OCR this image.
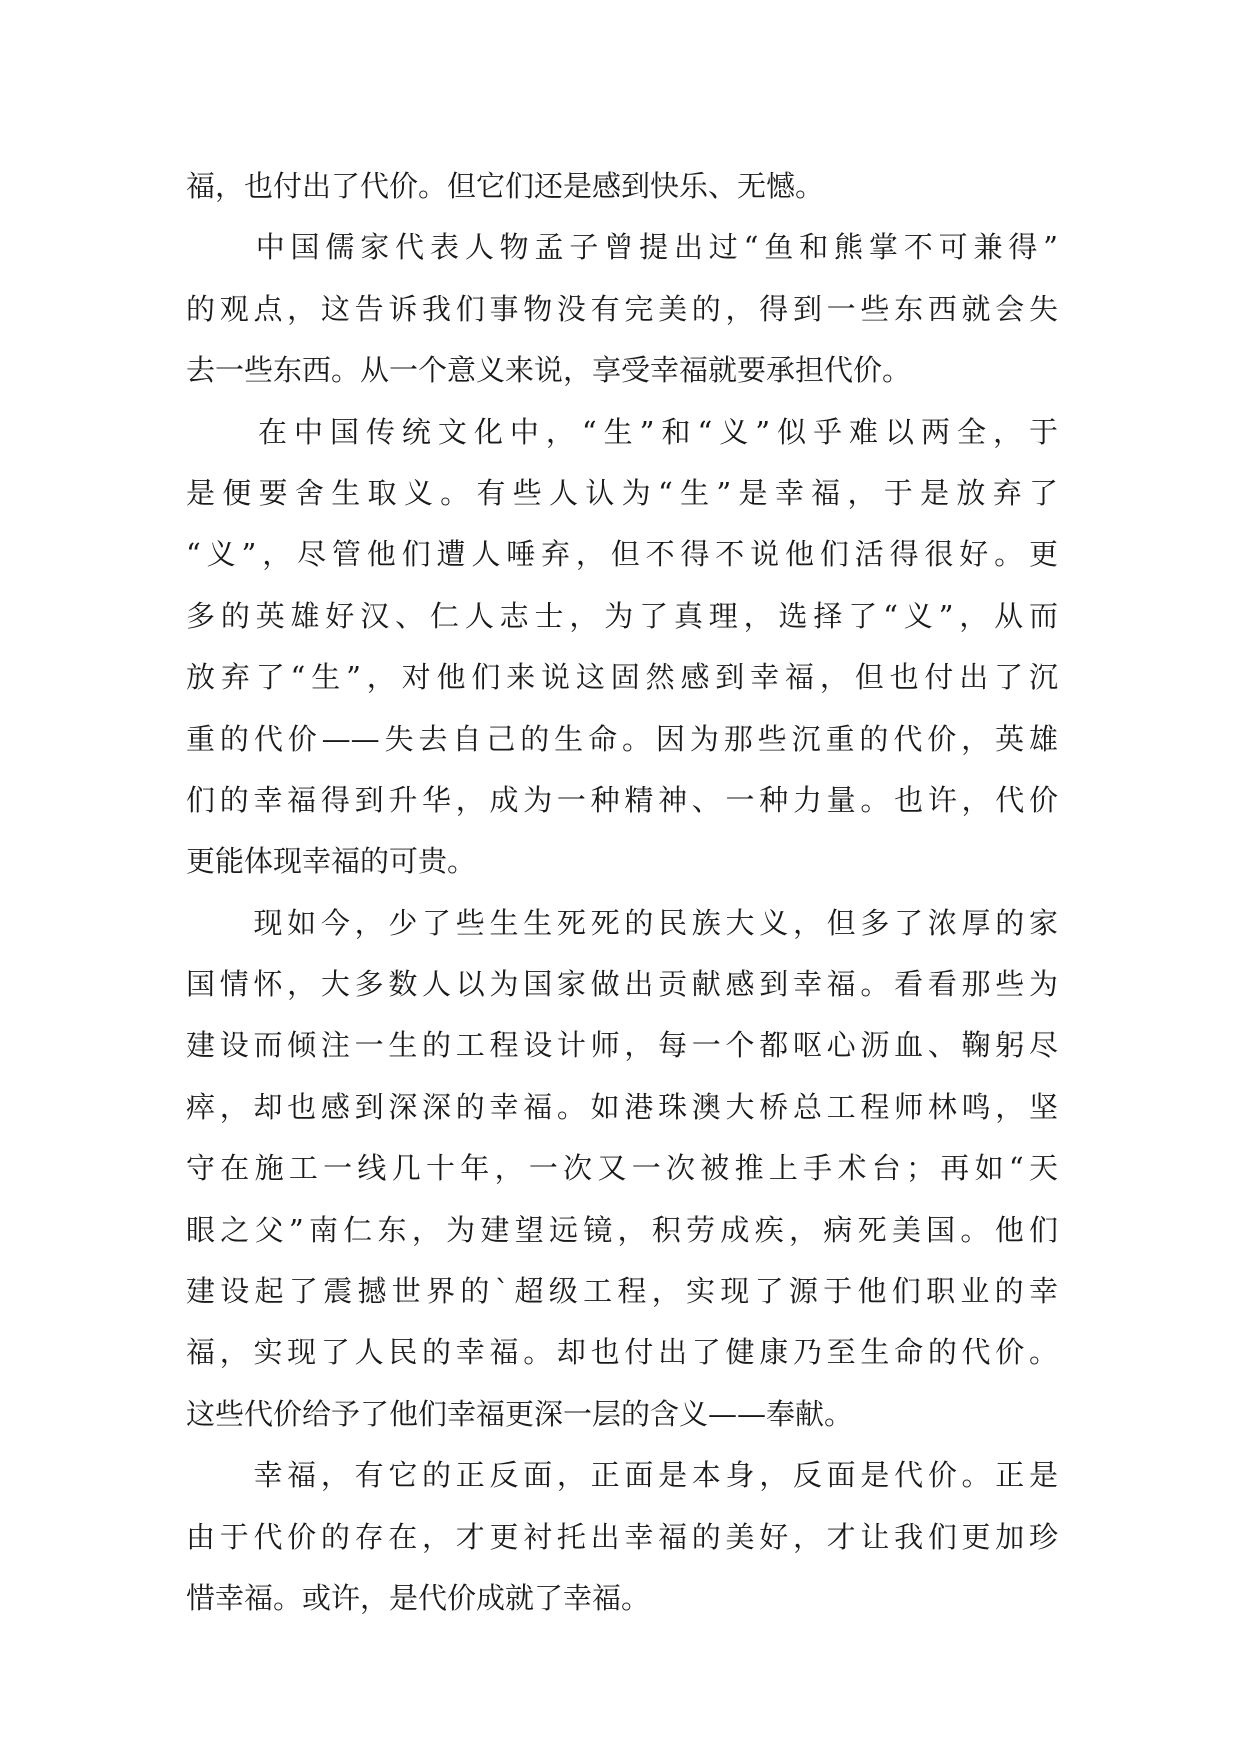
福，也付出了代价。但它们还是感到快乐、无憾。
　　中国儒家代表人物孟子曾提出过“鱼和熊掌不可兼得”
的观点，这告诉我们事物没有完美的，得到一些东西就会失
去一些东西。从一个意义来说，享受幸福就要承担代价。
　　在中国传统文化中，“生”和“义”似乎难以两全，于
是便要舍生取义。有些人认为“生”是幸福，于是放弃了
“义”，尽管他们遭人唾弃，但不得不说他们活得很好。更
多的英雄好汉、仁人志士，为了真理，选择了“义”，从而
放弃了“生”，对他们来说这固然感到幸福，但也付出了沉
重的代价——失去自己的生命。因为那些沉重的代价，英雄
们的幸福得到升华，成为一种精神、一种力量。也许，代价
更能体现幸福的可贵。
　　现如今，少了些生生死死的民族大义，但多了浓厚的家
国情怀，大多数人以为国家做出贡献感到幸福。看看那些为
建设而倾注一生的工程设计师，每一个都呕心沥血、鞠躬尽
瘁，却也感到深深的幸福。如港珠澳大桥总工程师林鸣，坚
守在施工一线几十年，一次又一次被推上手术台；再如“天
眼之父”南仁东，为建望远镜，积劳成疾，病死美国。他们
建设起了震撼世界的`超级工程，实现了源于他们职业的幸
福，实现了人民的幸福。却也付出了健康乃至生命的代价。
这些代价给予了他们幸福更深一层的含义——奉献。
　　幸福，有它的正反面，正面是本身，反面是代价。正是
由于代价的存在，才更衬托出幸福的美好，才让我们更加珍
惜幸福。或许，是代价成就了幸福。
